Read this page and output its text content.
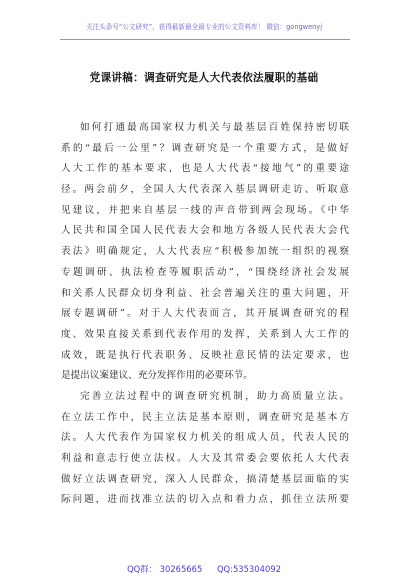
关注头条号“公文研究”，获得最新最全最专业的公文资料库！ 微信：gongwenyj
党课讲稿：调查研究是人大代表依法履职的基础
如何打通最高国家权力机关与最基层百姓保持密切联
系的“最后一公里”？调查研究是一个重要方式，是做好
人大工作的基本要求，也是人大代表“接地气”的重要途
径。两会前夕，全国人大代表深入基层调研走访、听取意
见建议，并把来自基层一线的声音带到两会现场。《中华
人民共和国全国人民代表大会和地方各级人民代表大会代
表法》明确规定，人大代表应“积极参加统一组织的视察
专题调研、执法检查等履职活动”，“围绕经济社会发展
和关系人民群众切身利益、社会普遍关注的重大问题，开
展专题调研”。对于人大代表而言，其开展调查研究的程
度、效果直接关系到代表作用的发挥，关系到人大工作的
成效，既是执行代表职务、反映社意民情的法定要求，也
是提出议案建议、充分发挥作用的必要环节。
完善立法过程中的调查研究机制，助力高质量立法。
在立法工作中，民主立法是基本原则，调查研究是基本方
法。人大代表作为国家权力机关的组成人员，代表人民的
利益和意志行使立法权。人大及其常委会要依托人大代表
做好立法调查研究，深入人民群众，搞清楚基层面临的实
际问题，进而找准立法的切入点和着力点，抓住立法所要
QQ群： 30265665 QQ:535304092
